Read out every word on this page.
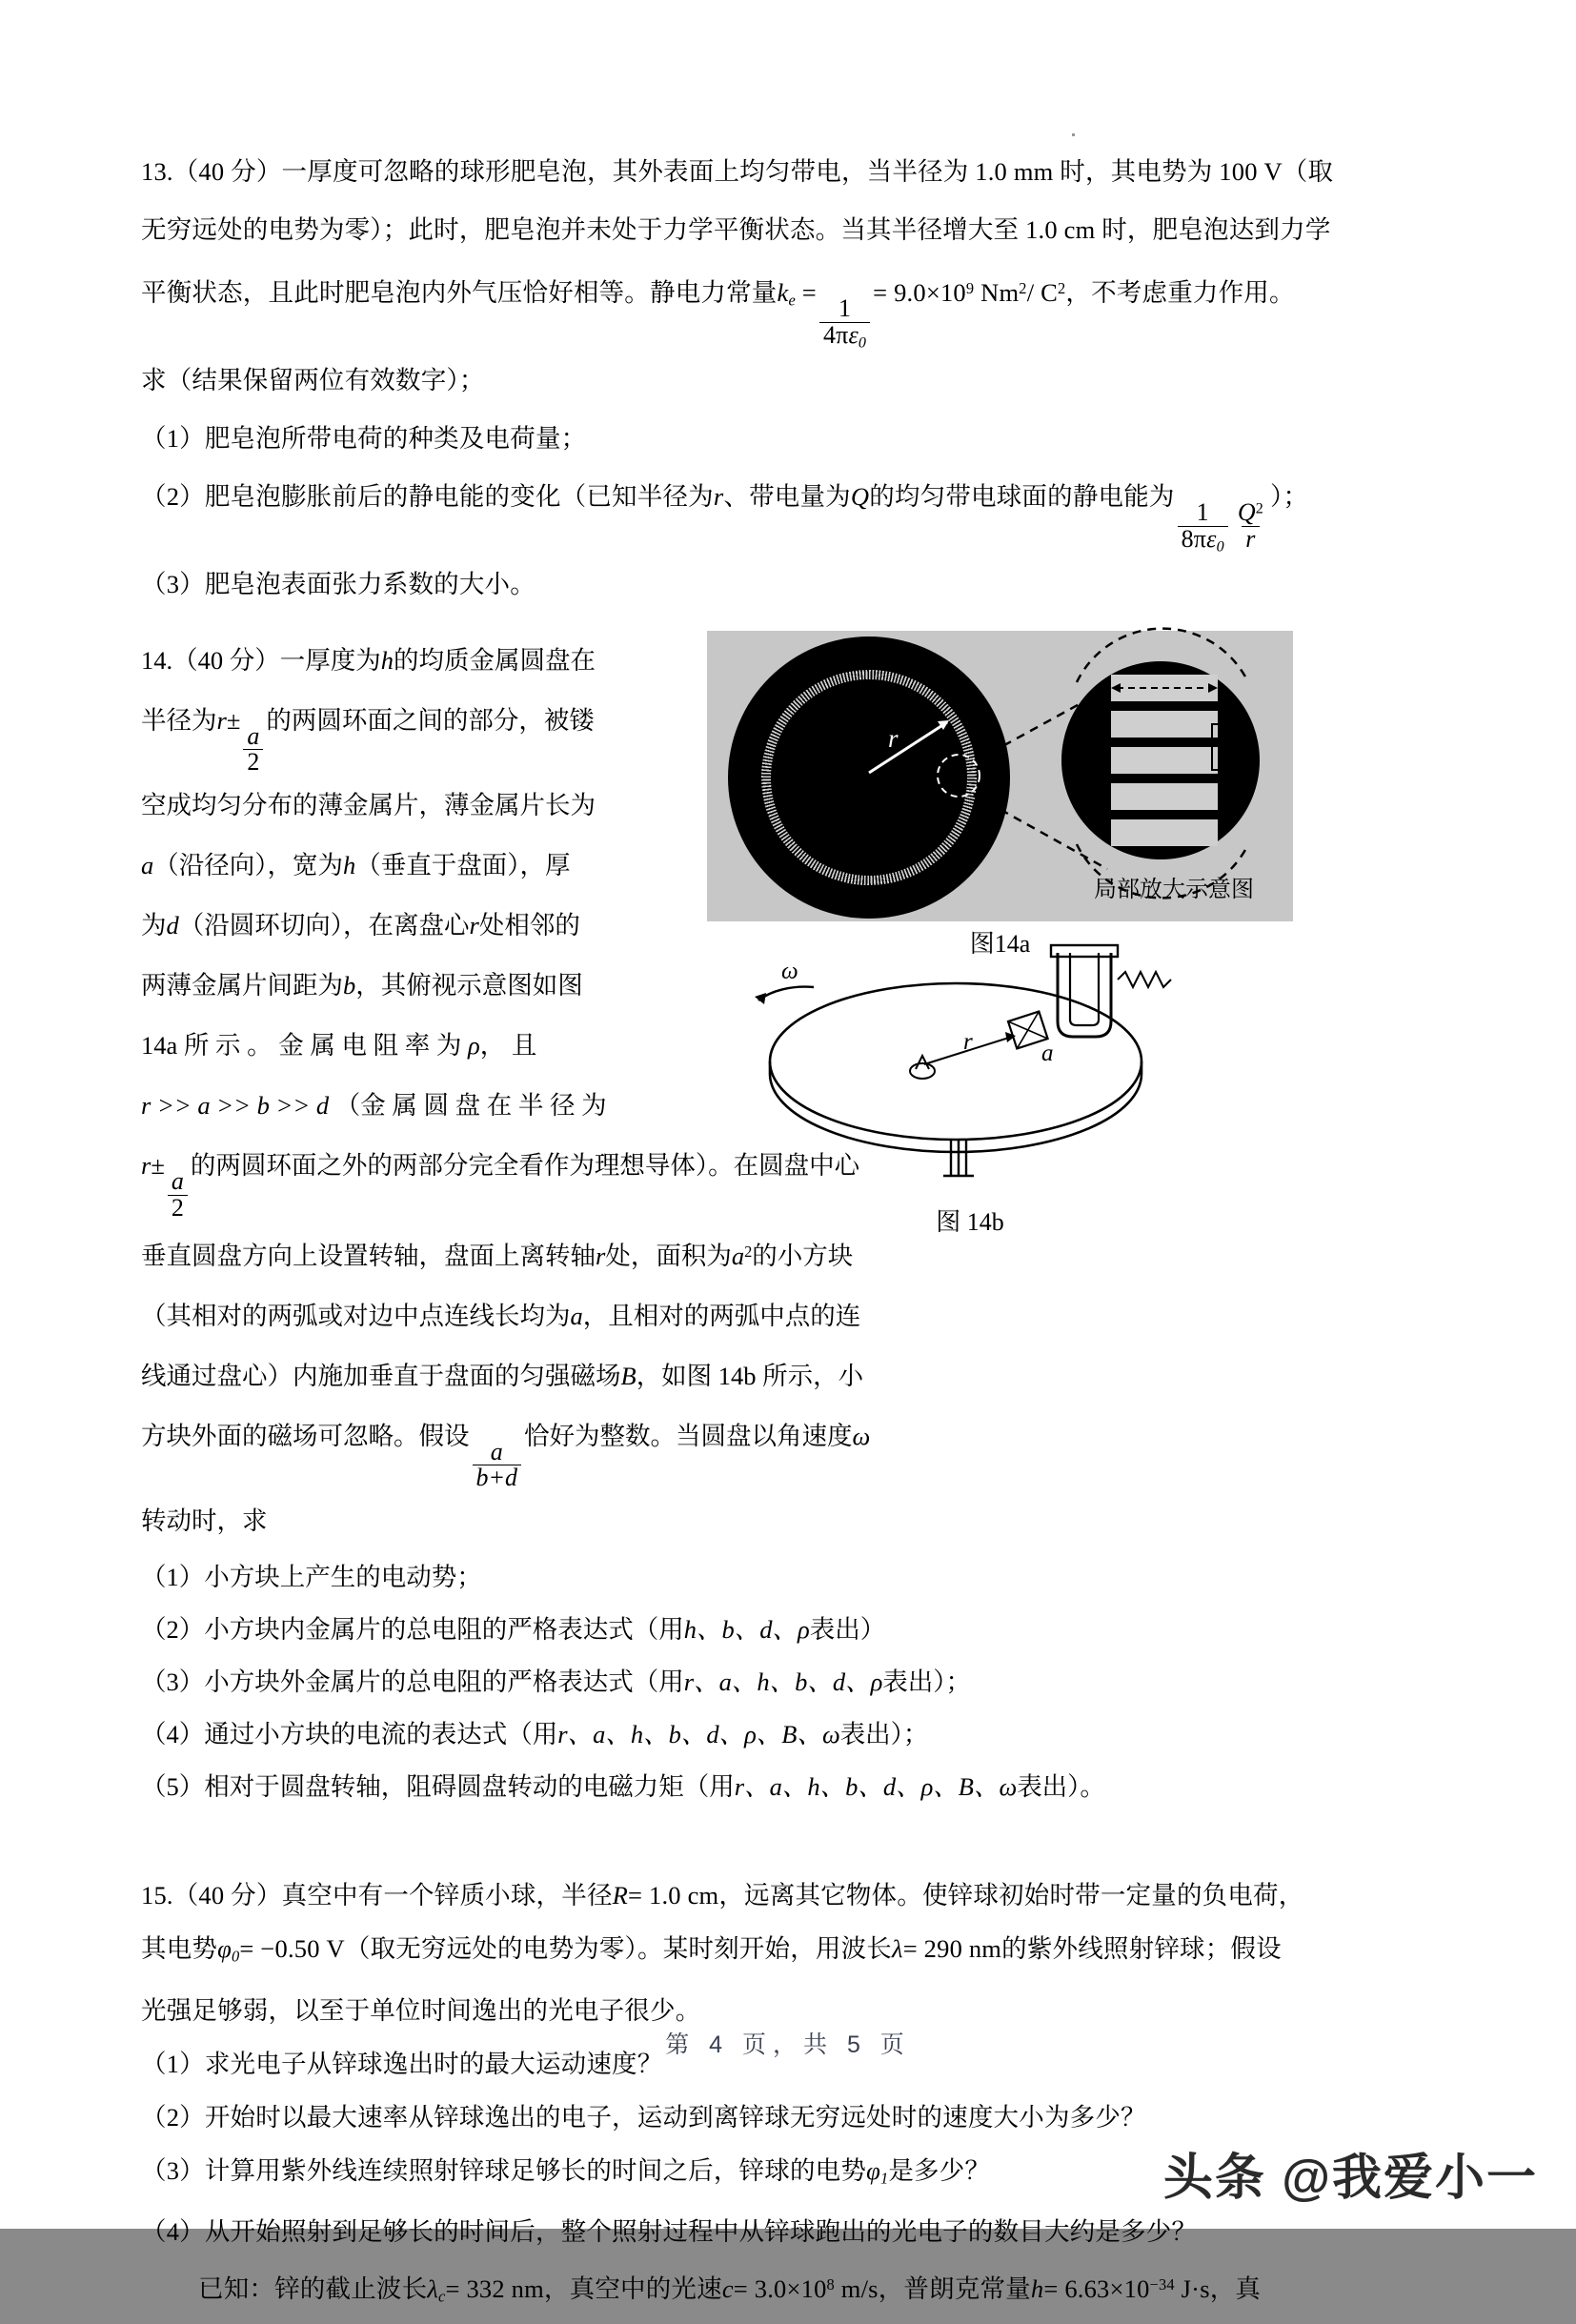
13.（40 分）一厚度可忽略的球形肥皂泡，其外表面上均匀带电，当半径为 1.0 mm 时，其电势为 100 V（取
无穷远处的电势为零）；此时，肥皂泡并未处于力学平衡状态。当其半径增大至 1.0 cm 时，肥皂泡达到力学
平衡状态，且此时肥皂泡内外气压恰好相等。静电力常量ke =
$\frac{1}{4\pi\varepsilon 0}$
= $9.0\times 10^9$ Nm$^2$/ $C^2$，不考虑重力作用。
求（结果保留两位有效数字）；
（1）肥皂泡所带电荷的种类及电荷量；
（2）肥皂泡膨胀前后的静电能的变化（已知半径为r、带电量为Q的均匀带电球面的静电能为
$\frac{1}{8\pi\varepsilon 0} \frac{Q^2}{r}$
）；
（3）肥皂泡表面张力系数的大小。
r
a
b
d
局部放大示意图
图14a
14.（40 分）一厚度为h的均质金属圆盘在
半径为r±
$\frac{a}{2}$
的两圆环面之间的部分，被镂
空成均匀分布的薄金属片，薄金属片长为
a（沿径向），宽为h（垂直于盘面），厚
为d（沿圆环切向），在离盘心r处相邻的
两薄金属片间距为b，其俯视示意图如图
14a 所 示 。 金 属 电 阻 率 为 ρ， 且
r >> a >> b >> d （金 属 圆 盘 在 半 径 为
r±
$\frac{a}{2}$
的两圆环面之外的两部分完全看作为理想导体）。在圆盘中心
ω
r	a
图 14b
垂直圆盘方向上设置转轴，盘面上离转轴r处，面积为$a^2$的小方块
（其相对的两弧或对边中点连线长均为a，且相对的两弧中点的连
线通过盘心）内施加垂直于盘面的匀强磁场B，如图 14b 所示，小
方块外面的磁场可忽略。假设
$\frac{a}{b+d}$
恰好为整数。当圆盘以角速度ω
转动时，求
（1）小方块上产生的电动势；
（2）小方块内金属片的总电阻的严格表达式（用h、b、d、ρ表出）
（3）小方块外金属片的总电阻的严格表达式（用r、a、h、b、d、ρ表出）；
（4）通过小方块的电流的表达式（用r、a、h、b、d、ρ、B、ω表出）；
（5）相对于圆盘转轴，阻碍圆盘转动的电磁力矩（用r、a、h、b、d、ρ、B、ω表出）。
15.（40 分）真空中有一个锌质小球，半径R= 1.0 cm，远离其它物体。使锌球初始时带一定量的负电荷，
其电势φ0= −0.50 V（取无穷远处的电势为零）。某时刻开始，用波长λ= 290 nm的紫外线照射锌球；假设
光强足够弱，以至于单位时间逸出的光电子很少。
（1）求光电子从锌球逸出时的最大运动速度？
（2）开始时以最大速率从锌球逸出的电子，运动到离锌球无穷远处时的速度大小为多少？
（3）计算用紫外线连续照射锌球足够长的时间之后，锌球的电势φ1是多少？
（4）从开始照射到足够长的时间后，整个照射过程中从锌球跑出的光电子的数目大约是多少？
已知：锌的截止波长λc= 332 nm，真空中的光速$c= 3.0\times 10^8$ m/s，普朗克常量$h= 6.63\times 10^{-34}$ J·s，真
第 4 页，共 5 页
头条 @我爱小一
